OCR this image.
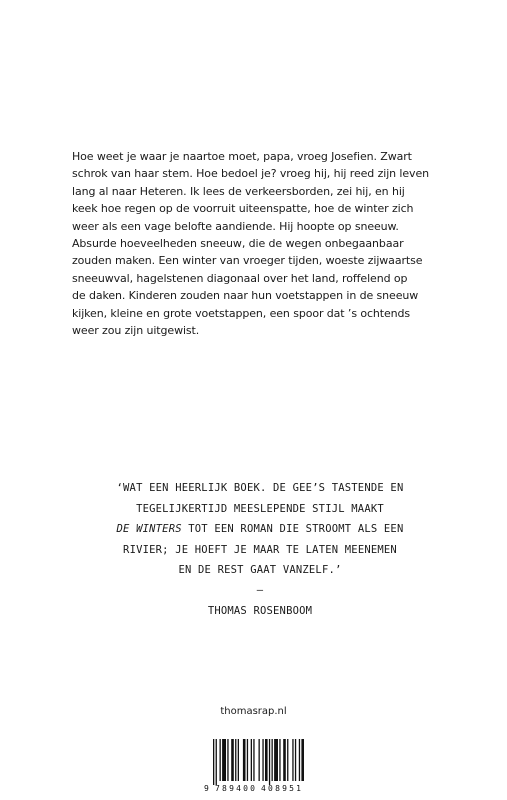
Hoe weet je waar je naartoe moet, papa, vroeg Josefien. Zwart
schrok van haar stem. Hoe bedoel je? vroeg hij, hij reed zijn leven
lang al naar Heteren. Ik lees de verkeersborden, zei hij, en hij
keek hoe regen op de voorruit uiteenspatte, hoe de winter zich
weer als een vage belofte aandiende. Hij hoopte op sneeuw.
Absurde hoeveelheden sneeuw, die de wegen onbegaanbaar
zouden maken. Een winter van vroeger tijden, woeste zijwaartse
sneeuwval, hagelstenen diagonaal over het land, roffelend op
de daken. Kinderen zouden naar hun voetstappen in de sneeuw
kijken, kleine en grote voetstappen, een spoor dat ’s ochtends
weer zou zijn uitgewist.
‘WAT EEN HEERLIJK BOEK. DE GEE’S TASTENDE EN
TEGELIJKERTIJD MEESLEPENDE STIJL MAAKT
DE WINTERS TOT EEN ROMAN DIE STROOMT ALS EEN
RIVIER; JE HOEFT JE MAAR TE LATEN MEENEMEN
EN DE REST GAAT VANZELF.’
—
THOMAS ROSENBOOM
thomasrap.nl
9 789400 408951
